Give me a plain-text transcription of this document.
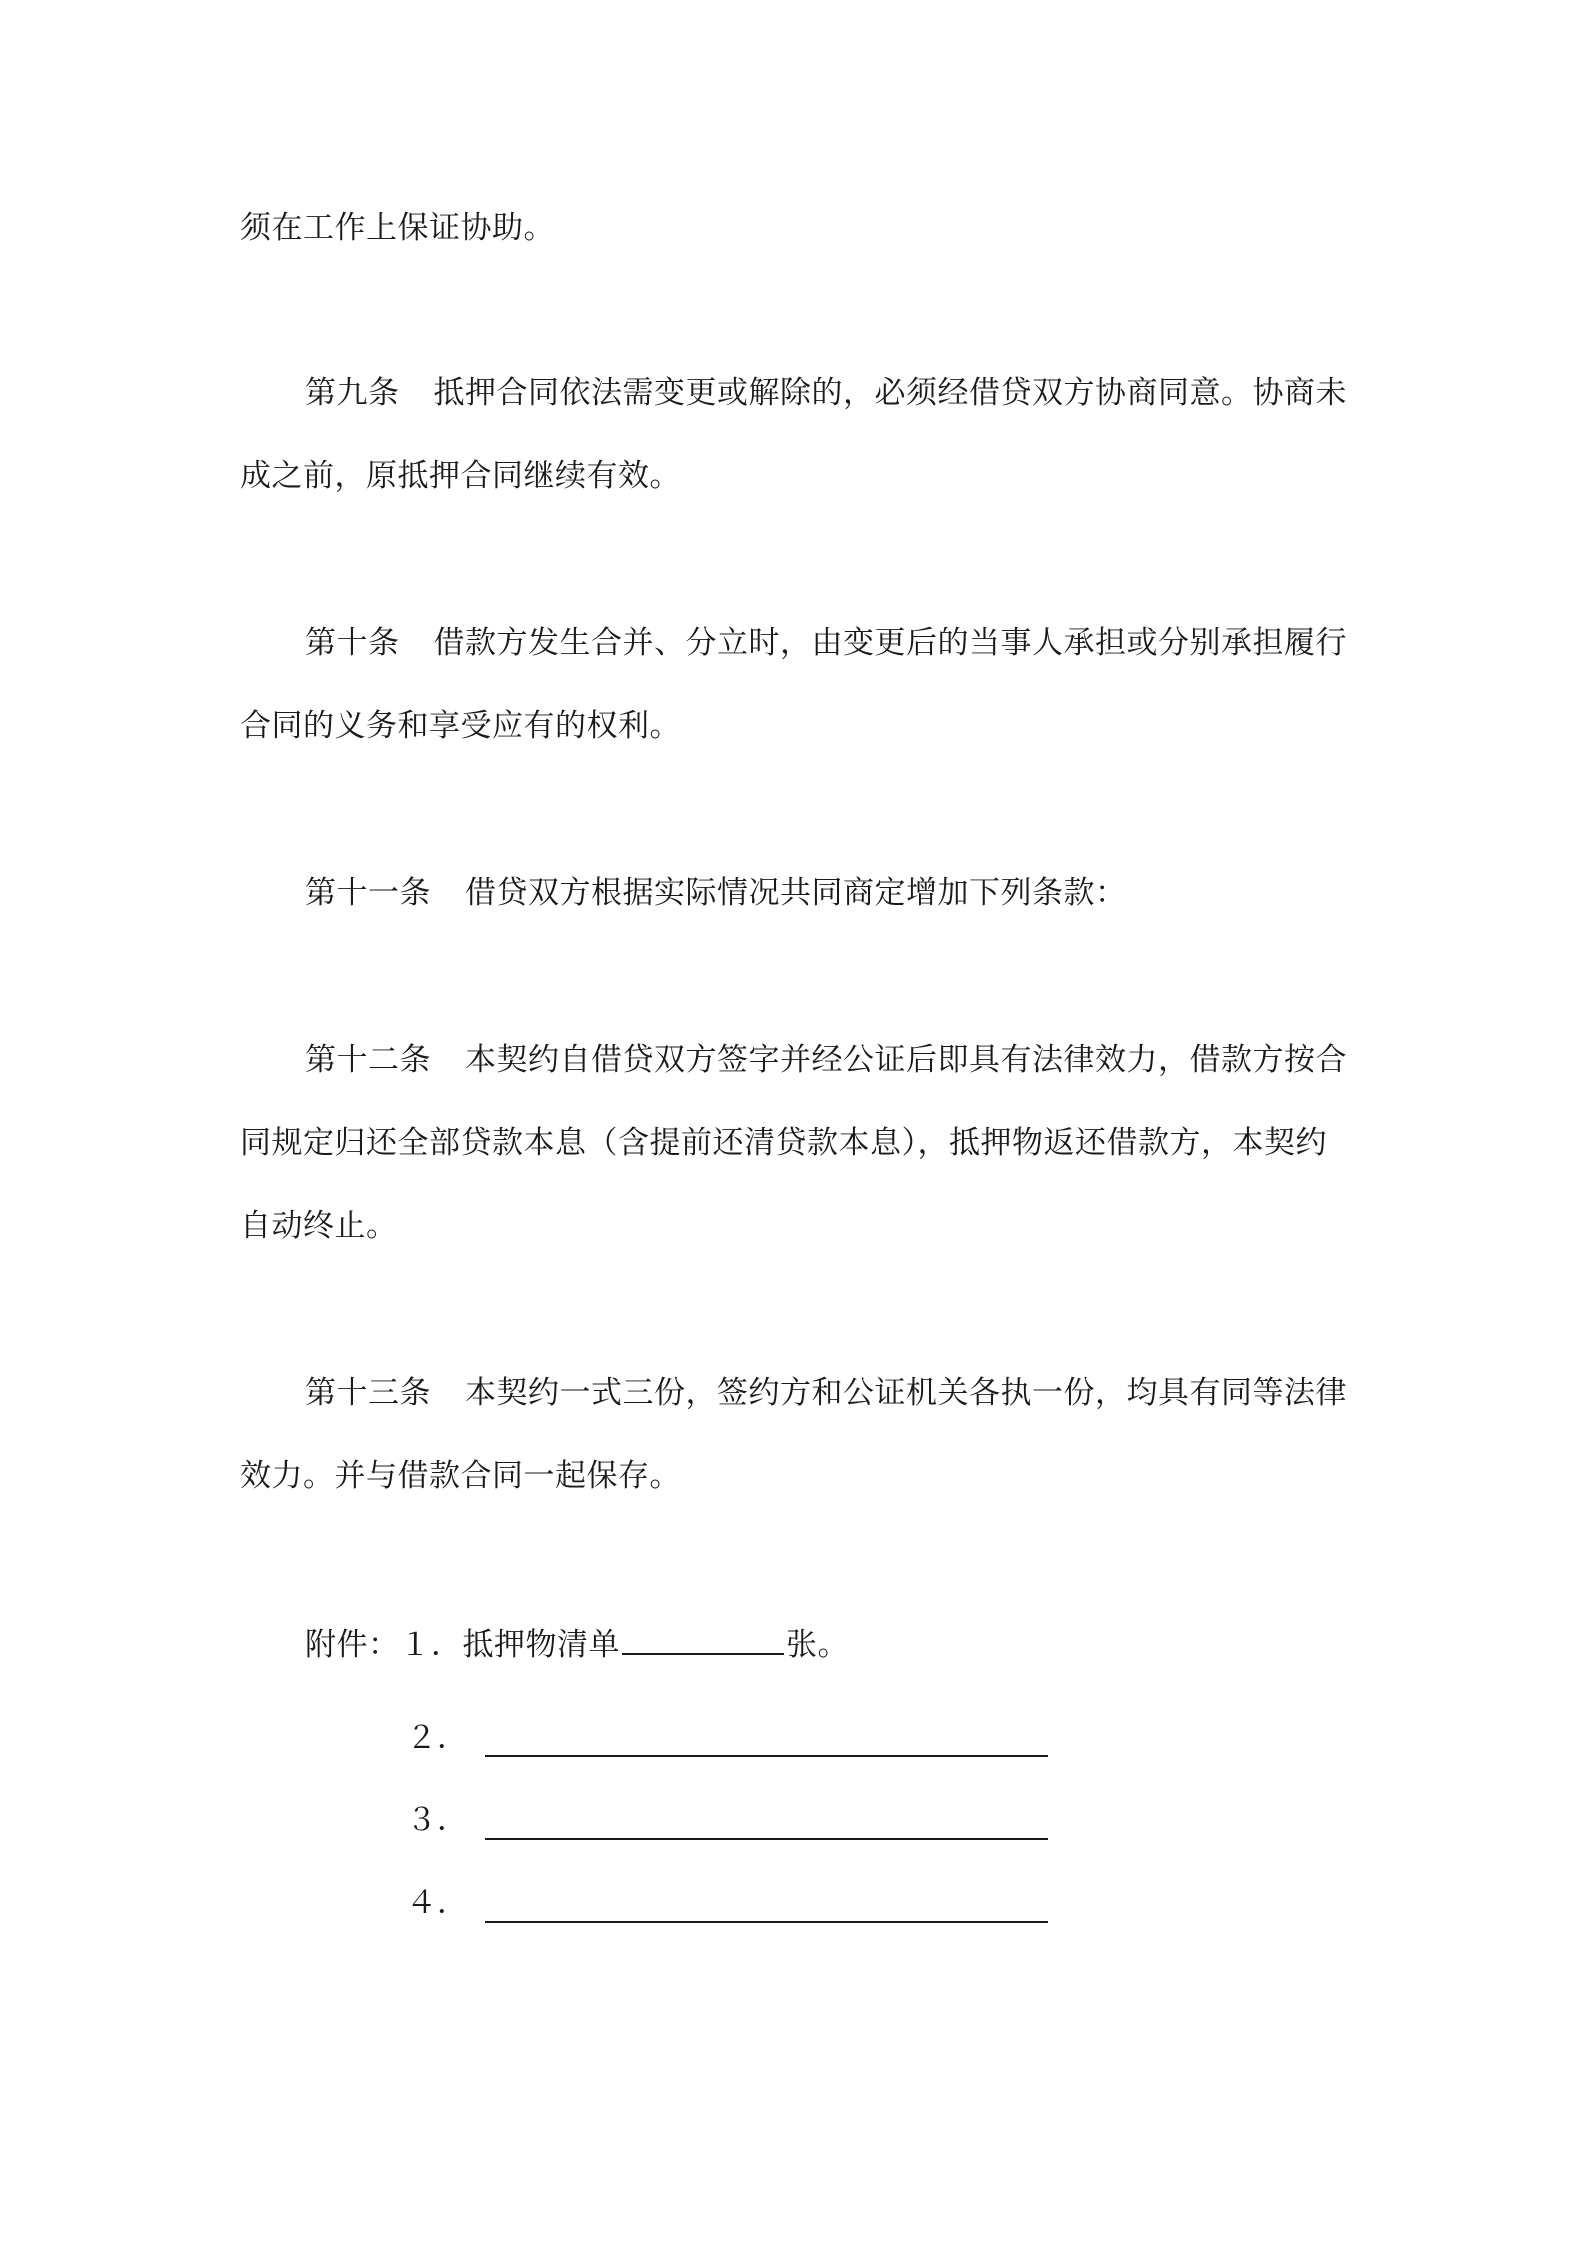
须在工作上保证协助。
第九条 抵押合同依法需变更或解除的，必须经借贷双方协商同意。协商未
成之前，原抵押合同继续有效。
第十条 借款方发生合并、分立时，由变更后的当事人承担或分别承担履行
合同的义务和享受应有的权利。
第十一条 借贷双方根据实际情况共同商定增加下列条款：
第十二条 本契约自借贷双方签字并经公证后即具有法律效力，借款方按合
同规定归还全部贷款本息（含提前还清贷款本息），抵押物返还借款方，本契约
自动终止。
第十三条 本契约一式三份，签约方和公证机关各执一份，均具有同等法律
效力。并与借款合同一起保存。
附件：１．抵押物清单	张。
２．
３．
４．
